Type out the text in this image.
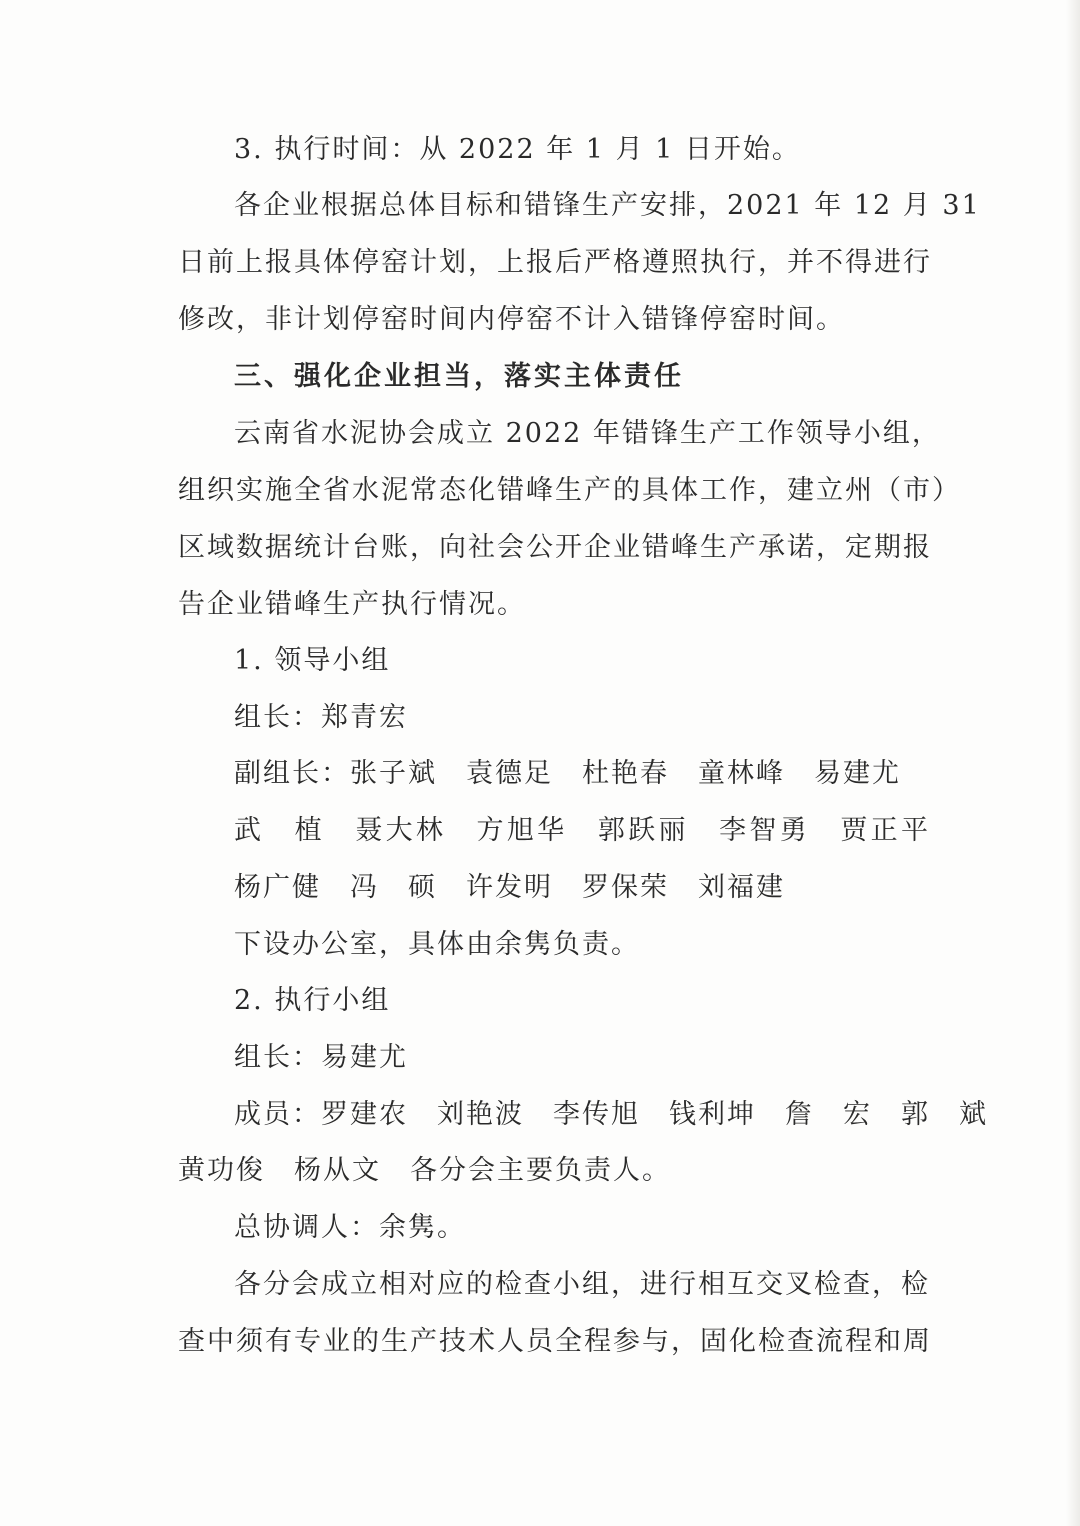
3. 执行时间：从 2022 年 1 月 1 日开始。
各企业根据总体目标和错锋生产安排，2021 年 12 月 31
日前上报具体停窑计划，上报后严格遵照执行，并不得进行
修改，非计划停窑时间内停窑不计入错锋停窑时间。
三、强化企业担当，落实主体责任
云南省水泥协会成立 2022 年错锋生产工作领导小组，
组织实施全省水泥常态化错峰生产的具体工作，建立州（市）
区域数据统计台账，向社会公开企业错峰生产承诺，定期报
告企业错峰生产执行情况。
1. 领导小组
组长：郑青宏
副组长：张子斌　袁德足　杜艳春　童林峰　易建尤
武　植　聂大林　方旭华　郭跃丽　李智勇　贾正平
杨广健　冯　硕　许发明　罗保荣　刘福建
下设办公室，具体由余隽负责。
2. 执行小组
组长：易建尤
成员：罗建农　刘艳波　李传旭　钱利坤　詹　宏　郭　斌
黄功俊　杨从文　各分会主要负责人。
总协调人：余隽。
各分会成立相对应的检查小组，进行相互交叉检查，检
查中须有专业的生产技术人员全程参与，固化检查流程和周
